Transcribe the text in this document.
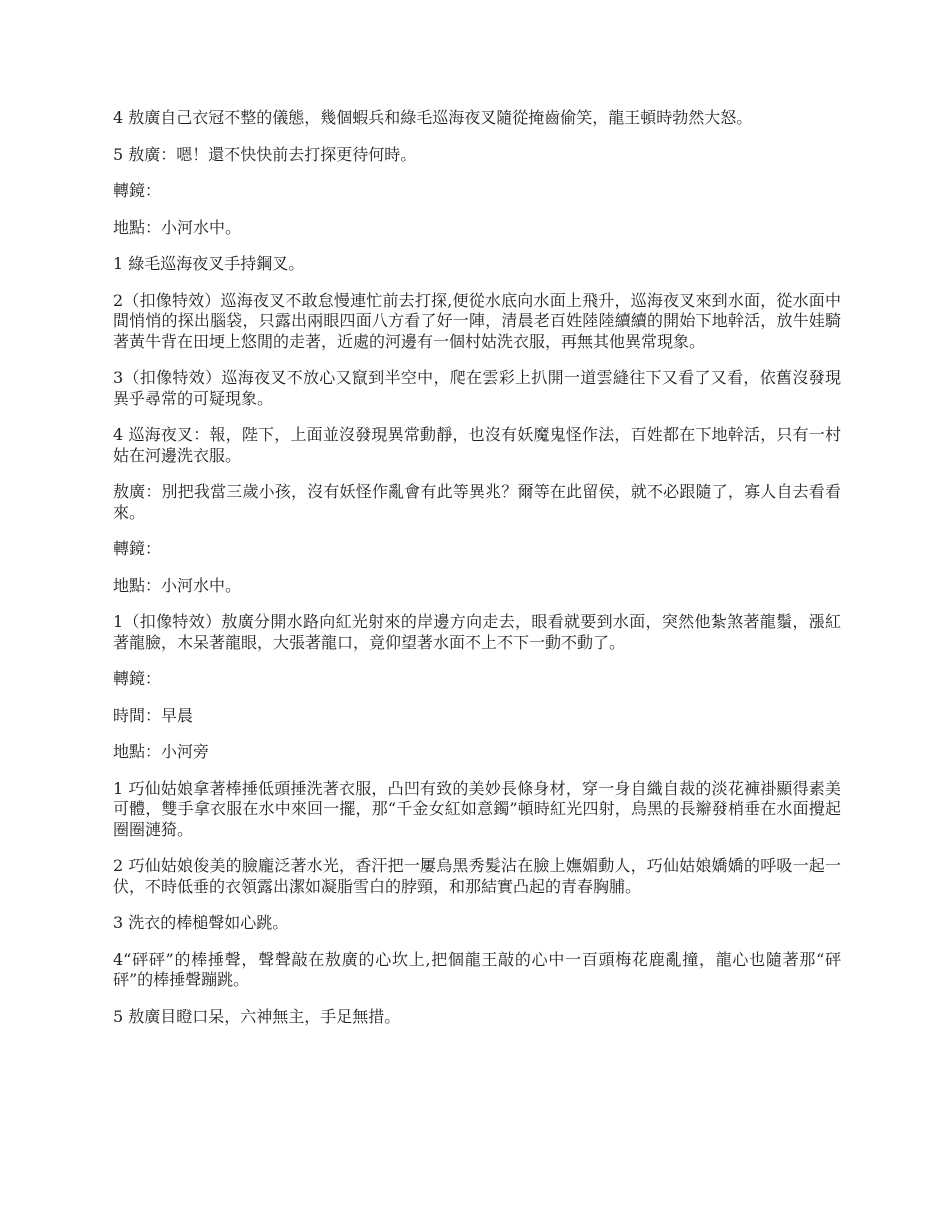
4 敖廣自己衣冠不整的儀態，幾個蝦兵和綠毛巡海夜叉隨從掩齒偷笑，龍王頓時勃然大怒。

5 敖廣：嗯！還不快快前去打探更待何時。

轉鏡：

地點：小河水中。

1 綠毛巡海夜叉手持鋼叉。

2（扣像特效）巡海夜叉不敢怠慢連忙前去打探,便從水底向水面上飛升，巡海夜叉來到水面，從水面中間悄悄的探出腦袋，只露出兩眼四面八方看了好一陣，清晨老百姓陸陸續續的開始下地幹活，放牛娃騎著黃牛背在田埂上悠閒的走著，近處的河邊有一個村姑洗衣服，再無其他異常現象。

3（扣像特效）巡海夜叉不放心又竄到半空中，爬在雲彩上扒開一道雲縫往下又看了又看，依舊沒發現異乎尋常的可疑現象。

4 巡海夜叉：報，陛下，上面並沒發現異常動靜，也沒有妖魔鬼怪作法，百姓都在下地幹活，只有一村姑在河邊洗衣服。

敖廣：別把我當三歲小孩，沒有妖怪作亂會有此等異兆？爾等在此留侯，就不必跟隨了，寡人自去看看來。

轉鏡：

地點：小河水中。

1（扣像特效）敖廣分開水路向紅光射來的岸邊方向走去，眼看就要到水面，突然他紮煞著龍鬚，漲紅著龍臉，木呆著龍眼，大張著龍口，竟仰望著水面不上不下一動不動了。

轉鏡：

時間：早晨

地點：小河旁

1 巧仙姑娘拿著棒捶低頭捶洗著衣服，凸凹有致的美妙長條身材，穿一身自織自裁的淡花褲褂顯得素美可體，雙手拿衣服在水中來回一擺，那“千金女紅如意鐲”頓時紅光四射，烏黑的長辮發梢垂在水面攪起圈圈漣猗。

2 巧仙姑娘俊美的臉龐泛著水光，香汗把一屢烏黑秀髮沾在臉上嫵媚動人，巧仙姑娘嬌嬌的呼吸一起一伏，不時低垂的衣領露出潔如凝脂雪白的脖頸，和那結實凸起的青春胸脯。

3 洗衣的棒槌聲如心跳。

4“砰砰”的棒捶聲，聲聲敲在敖廣的心坎上,把個龍王敲的心中一百頭梅花鹿亂撞，龍心也隨著那“砰砰”的棒捶聲蹦跳。

5 敖廣目瞪口呆，六神無主，手足無措。
